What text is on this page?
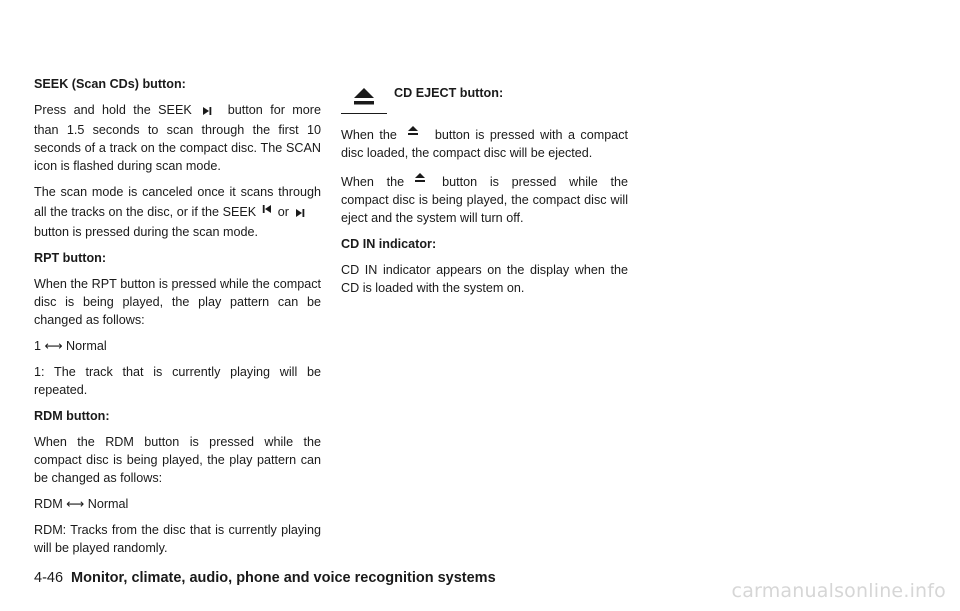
SEEK (Scan CDs) button:

Press and hold the SEEK	button for more than 1.5 seconds to scan through the first 10 seconds of a track on the compact disc. The SCAN icon is flashed during scan mode.

The scan mode is canceled once it scans through all the tracks on the disc, or if the SEEK orbutton is pressed during the scan mode.

RPT button:

When the RPT button is pressed while the compact disc is being played, the play pattern can be changed as follows:

1 ⟷ Normal

1: The track that is currently playing will be repeated.

RDM button:

When the RDM button is pressed while the compact disc is being played, the play pattern can be changed as follows:

RDM ⟷ Normal

RDM: Tracks from the disc that is currently playing will be played randomly.

CD EJECT button:

When the	button is pressed with a compact disc loaded, the compact disc will be ejected.

When the	button is pressed while the compact disc is being played, the compact disc will eject and the system will turn off.

CD IN indicator:

CD IN indicator appears on the display when the CD is loaded with the system on.

4-46 Monitor, climate, audio, phone and voice recognition systems
carmanualsonline.info
